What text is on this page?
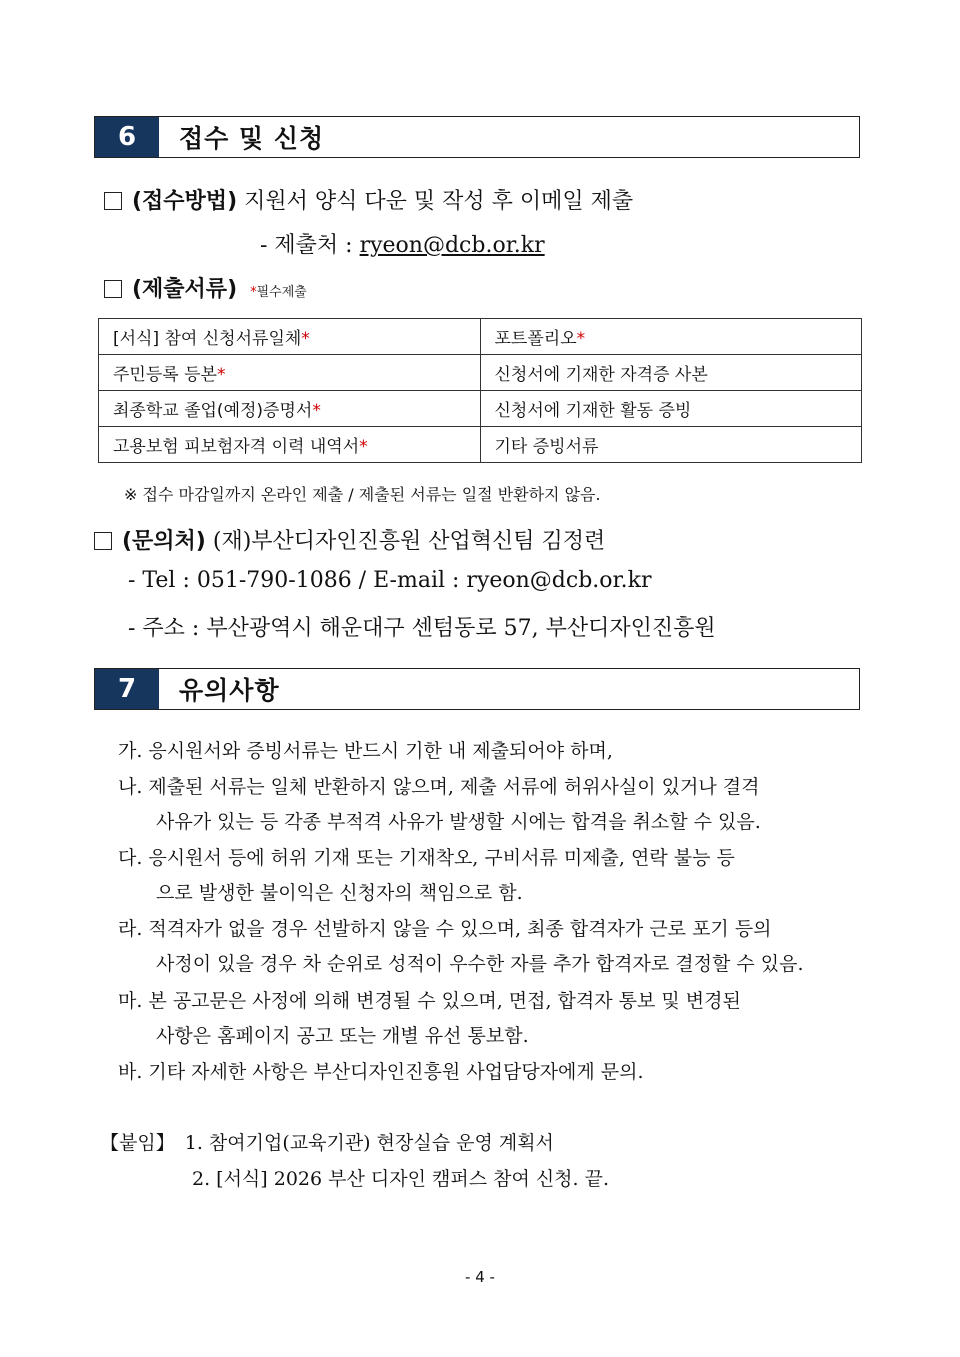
6	접수 및 신청
(접수방법) 지원서 양식 다운 및 작성 후 이메일 제출
- 제출처 : ryeon@dcb.or.kr
(제출서류) *필수제출
[서식] 참여 신청서류일체*	포트폴리오*
주민등록 등본*	신청서에 기재한 자격증 사본
최종학교 졸업(예정)증명서*	신청서에 기재한 활동 증빙
고용보험 피보험자격 이력 내역서*	기타 증빙서류
※ 접수 마감일까지 온라인 제출 / 제출된 서류는 일절 반환하지 않음.
(문의처) (재)부산디자인진흥원 산업혁신팀 김정련
- Tel : 051-790-1086 / E-mail : ryeon@dcb.or.kr
- 주소 : 부산광역시 해운대구 센텀동로 57, 부산디자인진흥원
7	유의사항
가. 응시원서와 증빙서류는 반드시 기한 내 제출되어야 하며,
나. 제출된 서류는 일체 반환하지 않으며, 제출 서류에 허위사실이 있거나 결격
사유가 있는 등 각종 부적격 사유가 발생할 시에는 합격을 취소할 수 있음.
다. 응시원서 등에 허위 기재 또는 기재착오, 구비서류 미제출, 연락 불능 등
으로 발생한 불이익은 신청자의 책임으로 함.
라. 적격자가 없을 경우 선발하지 않을 수 있으며, 최종 합격자가 근로 포기 등의
사정이 있을 경우 차 순위로 성적이 우수한 자를 추가 합격자로 결정할 수 있음.
마. 본 공고문은 사정에 의해 변경될 수 있으며, 면접, 합격자 통보 및 변경된
사항은 홈페이지 공고 또는 개별 유선 통보함.
바. 기타 자세한 사항은 부산디자인진흥원 사업담당자에게 문의.
【붙임】 1. 참여기업(교육기관) 현장실습 운영 계획서
2. [서식] 2026 부산 디자인 캠퍼스 참여 신청. 끝.
- 4 -
